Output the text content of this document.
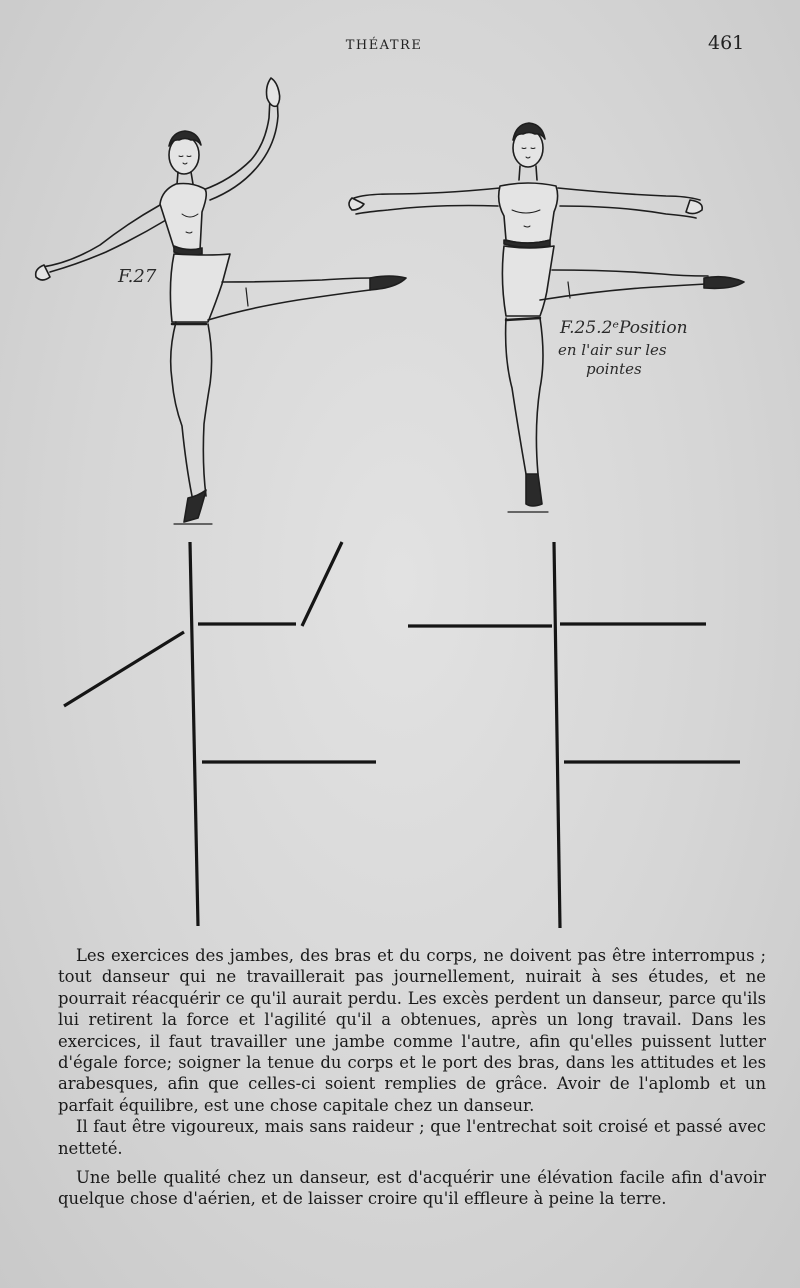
THÉATRE	461
F.27
F.25.2ᵉPosition
en l'air sur les
pointes

Les exercices des jambes, des bras et du corps, ne doivent pas être interrompus ; tout danseur qui ne travaillerait pas journellement, nuirait à ses études, et ne pourrait réacquérir ce qu'il aurait perdu. Les excès perdent un danseur, parce qu'ils lui retirent la force et l'agilité qu'il a obtenues, après un long travail. Dans les exercices, il faut travailler une jambe comme l'autre, afin qu'elles puissent lutter d'égale force; soigner la tenue du corps et le port des bras, dans les attitudes et les arabesques, afin que celles-ci soient remplies de grâce. Avoir de l'aplomb et un parfait équilibre, est une chose capitale chez un danseur.

Il faut être vigoureux, mais sans raideur ; que l'entrechat soit croisé et passé avec netteté.

Une belle qualité chez un danseur, est d'acquérir une élévation facile afin d'avoir quelque chose d'aérien, et de laisser croire qu'il effleure à peine la terre.
